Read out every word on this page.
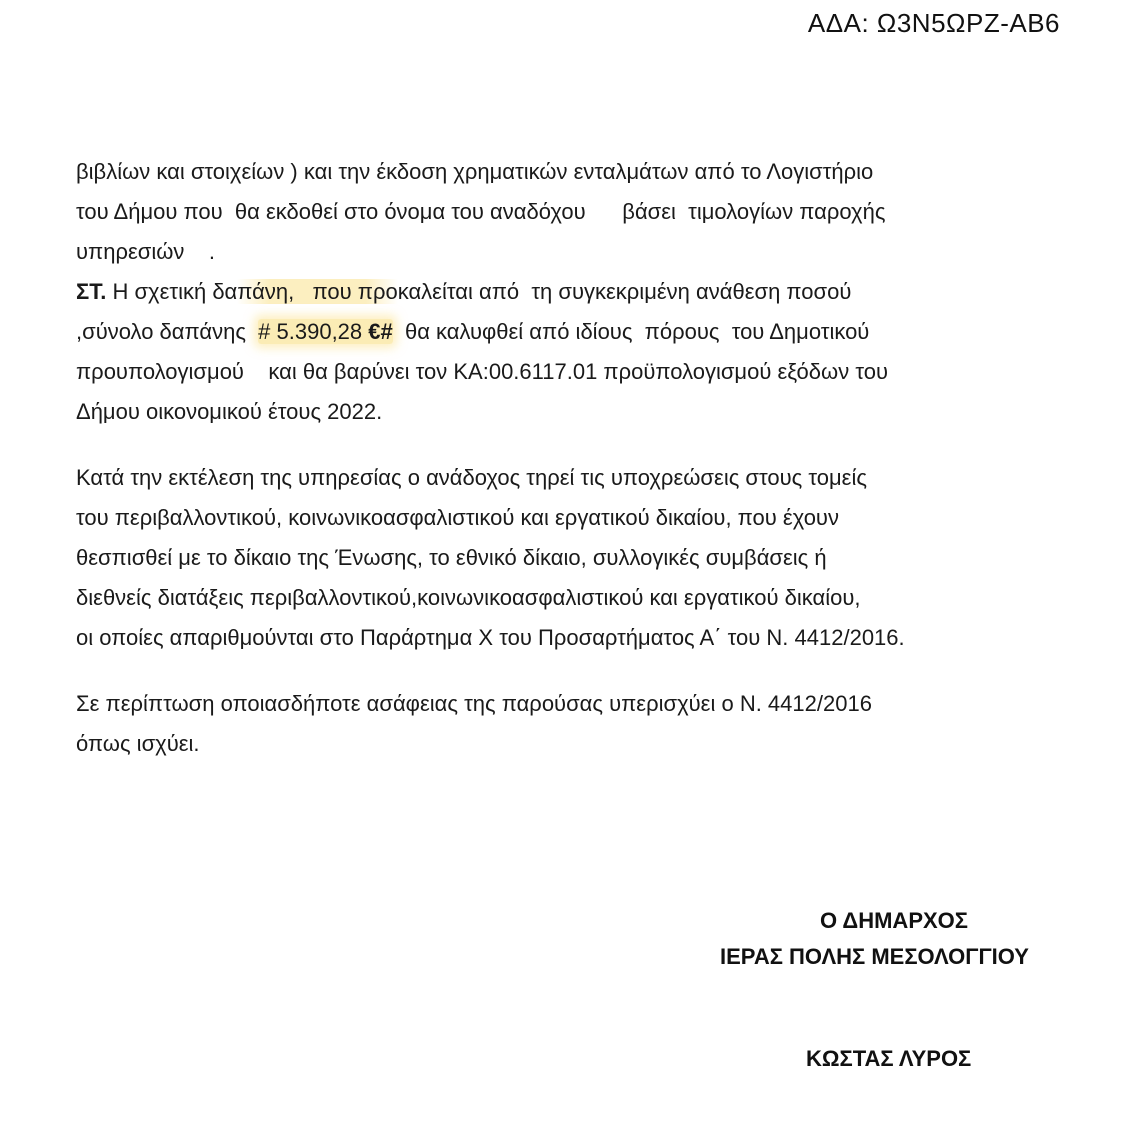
ΑΔΑ: Ω3Ν5ΩΡΖ-ΑΒ6
βιβλίων και στοιχείων ) και την έκδοση χρηματικών ενταλμάτων από το Λογιστήριο
του Δήμου που  θα εκδοθεί στο όνομα του αναδόχου      βάσει  τιμολογίων παροχής
υπηρεσιών    .
ΣΤ. Η σχετική δαπάνη,   που προκαλείται από  τη συγκεκριμένη ανάθεση ποσού
,σύνολο δαπάνης  # 5.390,28 €#  θα καλυφθεί από ιδίους  πόρους  του Δημοτικού
προυπολογισμού    και θα βαρύνει τον ΚΑ:00.6117.01 προϋπολογισμού εξόδων του
Δήμου οικονομικού έτους 2022.
Κατά την εκτέλεση της υπηρεσίας ο ανάδοχος τηρεί τις υποχρεώσεις στους τομείς
του περιβαλλοντικού, κοινωνικοασφαλιστικού και εργατικού δικαίου, που έχουν
θεσπισθεί με το δίκαιο της Ένωσης, το εθνικό δίκαιο, συλλογικές συμβάσεις ή
διεθνείς διατάξεις περιβαλλοντικού,κοινωνικοασφαλιστικού και εργατικού δικαίου,
οι οποίες απαριθμούνται στο Παράρτημα X του Προσαρτήματος Α΄ του Ν. 4412/2016.
Σε περίπτωση οποιασδήποτε ασάφειας της παρούσας υπερισχύει ο Ν. 4412/2016
όπως ισχύει.
Ο ΔΗΜΑΡΧΟΣ
ΙΕΡΑΣ ΠΟΛΗΣ ΜΕΣΟΛΟΓΓΙΟΥ
ΚΩΣΤΑΣ ΛΥΡΟΣ
